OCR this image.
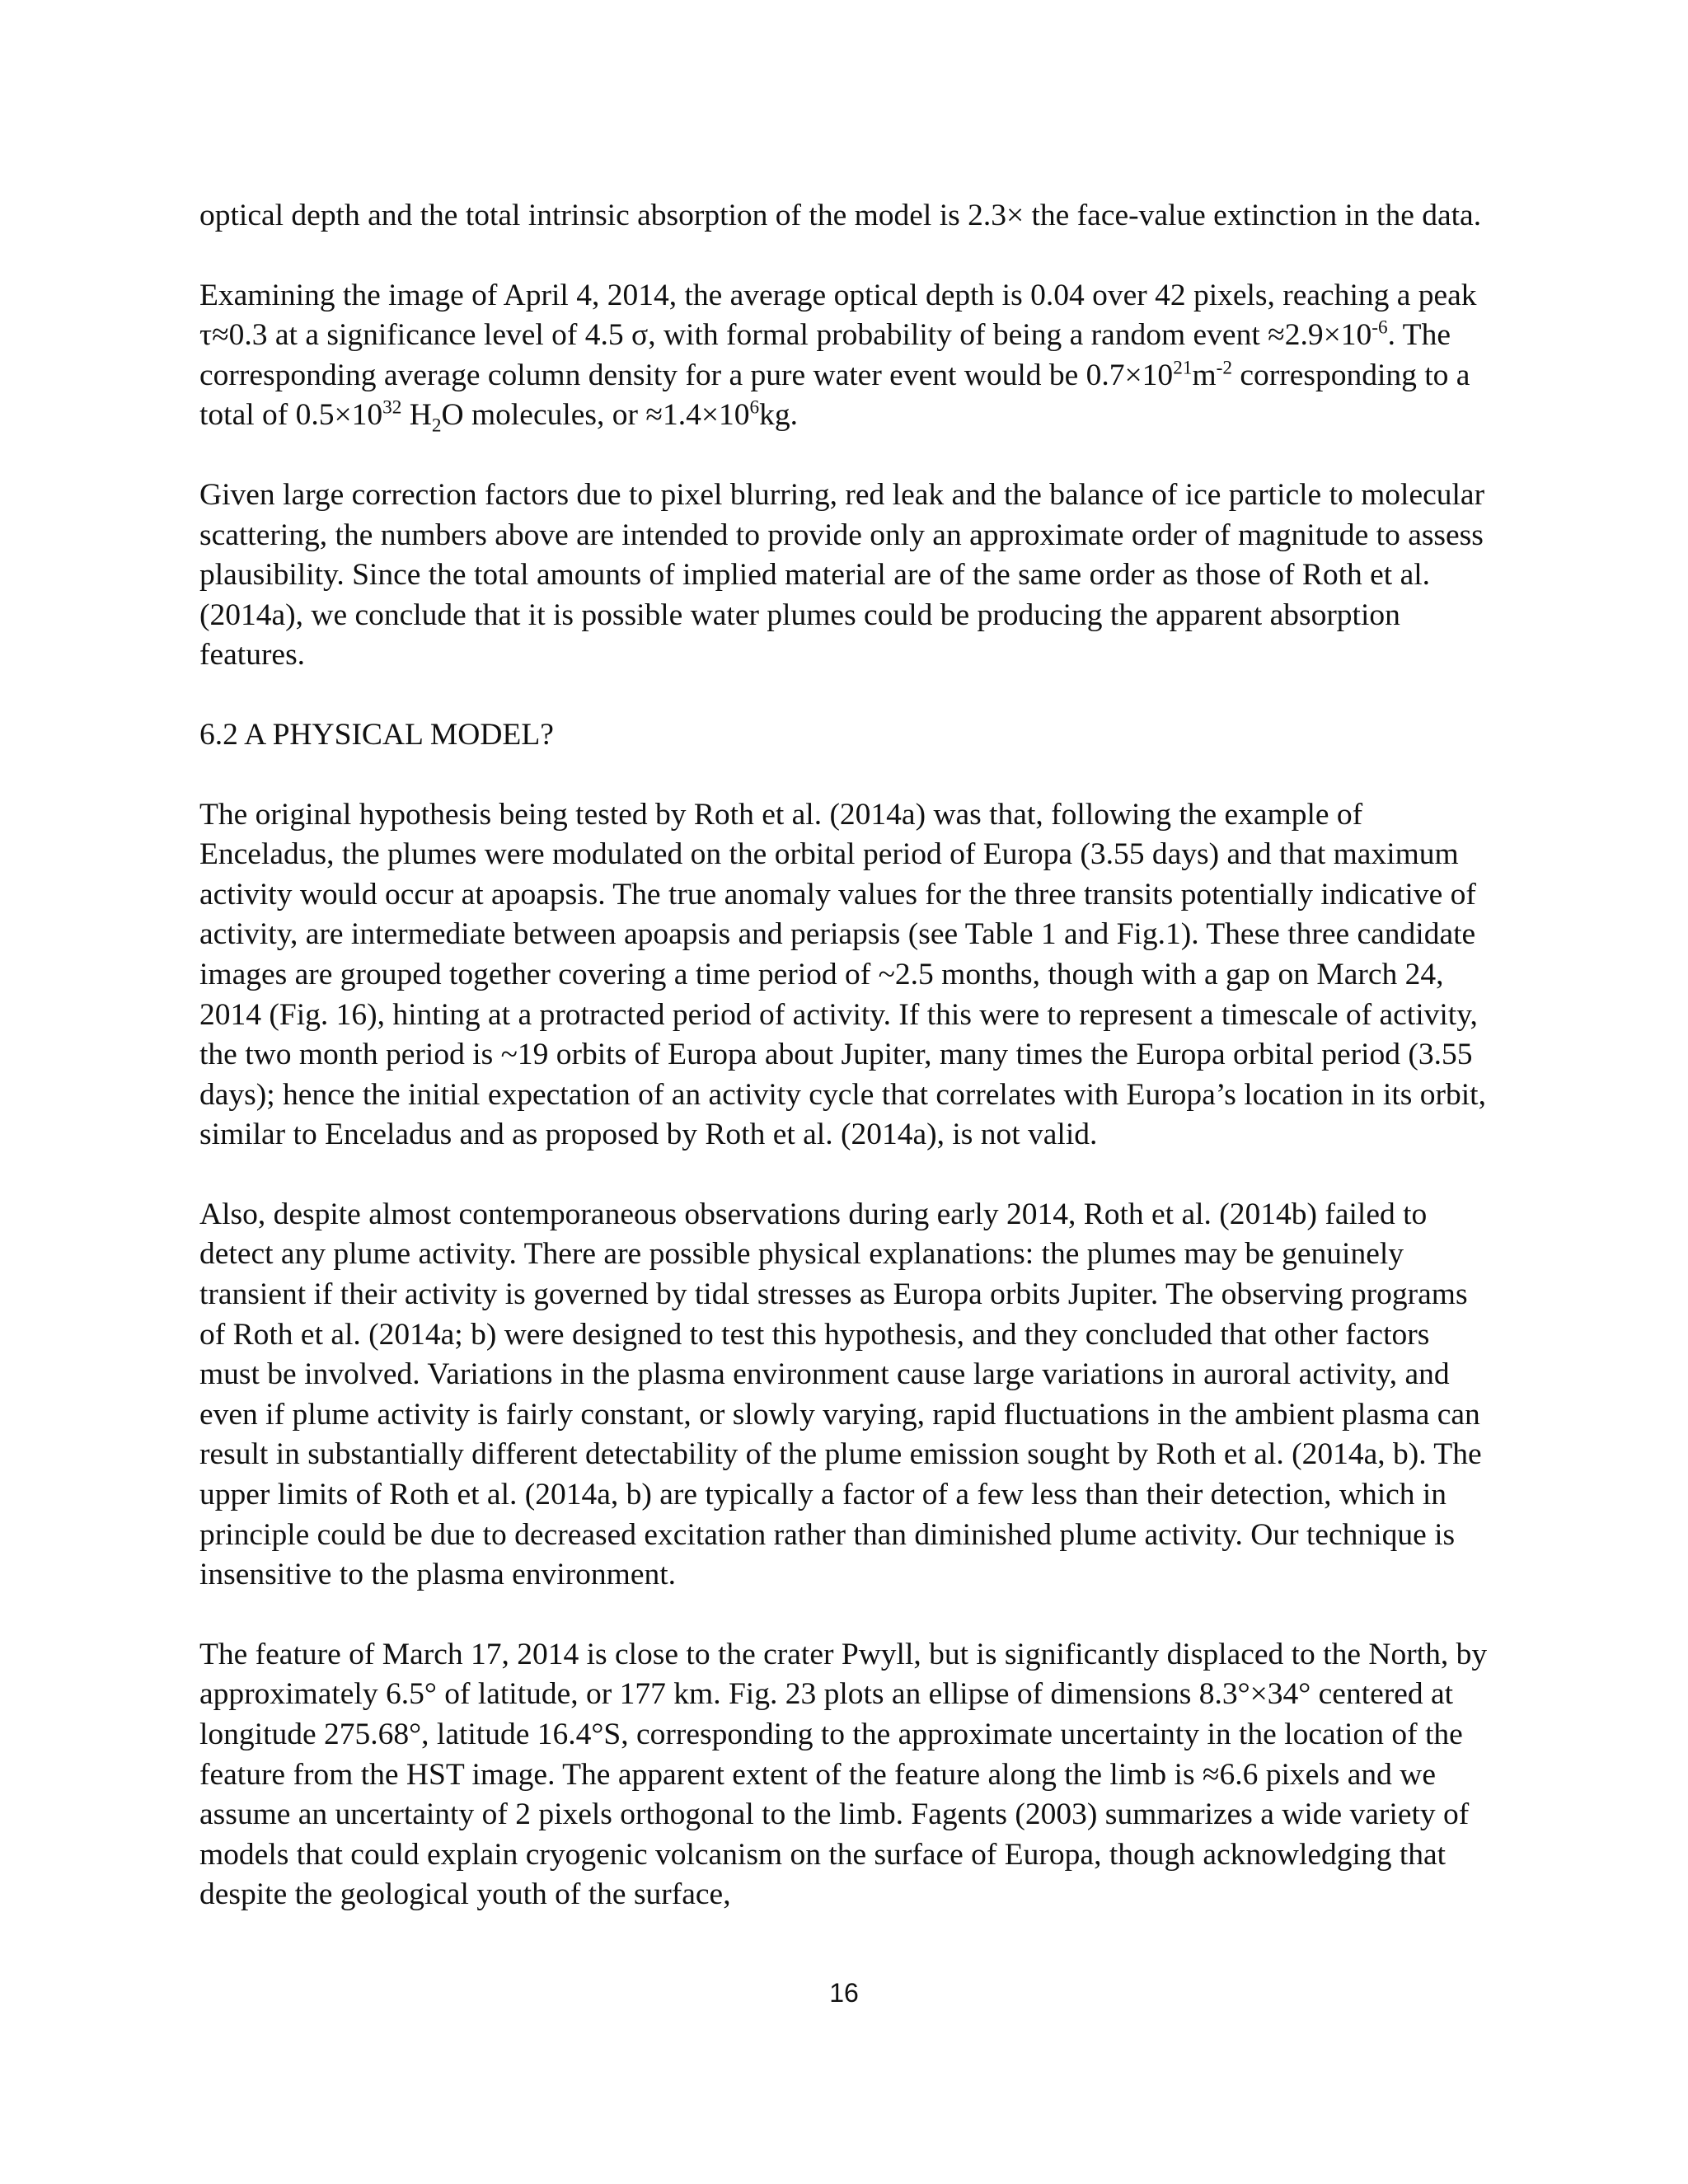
optical depth and the total intrinsic absorption of the model is 2.3× the face-value extinction in the data.

Examining the image of April 4, 2014, the average optical depth is 0.04 over 42 pixels, reaching a peak τ≈0.3 at a significance level of 4.5 σ, with formal probability of being a random event $\approx 2.9\times 10^{-6}$. The corresponding average column density for a pure water event would be $0.7\times 10^{21}m^{-2}$ corresponding to a total of $0.5\times 10^{32}$ $H_2O$ molecules, or $\approx 1.4\times 10^6kg$.

Given large correction factors due to pixel blurring, red leak and the balance of ice particle to molecular scattering, the numbers above are intended to provide only an approximate order of magnitude to assess plausibility. Since the total amounts of implied material are of the same order as those of Roth et al. (2014a), we conclude that it is possible water plumes could be producing the apparent absorption features.

6.2 A PHYSICAL MODEL?

The original hypothesis being tested by Roth et al. (2014a) was that, following the example of Enceladus, the plumes were modulated on the orbital period of Europa (3.55 days) and that maximum activity would occur at apoapsis. The true anomaly values for the three transits potentially indicative of activity, are intermediate between apoapsis and periapsis (see Table 1 and Fig.1). These three candidate images are grouped together covering a time period of ~2.5 months, though with a gap on March 24, 2014 (Fig. 16), hinting at a protracted period of activity. If this were to represent a timescale of activity, the two month period is ~19 orbits of Europa about Jupiter, many times the Europa orbital period (3.55 days); hence the initial expectation of an activity cycle that correlates with Europa’s location in its orbit, similar to Enceladus and as proposed by Roth et al. (2014a), is not valid.

Also, despite almost contemporaneous observations during early 2014, Roth et al. (2014b) failed to detect any plume activity. There are possible physical explanations: the plumes may be genuinely transient if their activity is governed by tidal stresses as Europa orbits Jupiter. The observing programs of Roth et al. (2014a; b) were designed to test this hypothesis, and they concluded that other factors must be involved. Variations in the plasma environment cause large variations in auroral activity, and even if plume activity is fairly constant, or slowly varying, rapid fluctuations in the ambient plasma can result in substantially different detectability of the plume emission sought by Roth et al. (2014a, b). The upper limits of Roth et al. (2014a, b) are typically a factor of a few less than their detection, which in principle could be due to decreased excitation rather than diminished plume activity. Our technique is insensitive to the plasma environment.

The feature of March 17, 2014 is close to the crater Pwyll, but is significantly displaced to the North, by approximately 6.5° of latitude, or 177 km. Fig. 23 plots an ellipse of dimensions 8.3°×34° centered at longitude 275.68°, latitude 16.4°S, corresponding to the approximate uncertainty in the location of the feature from the HST image. The apparent extent of the feature along the limb is ≈6.6 pixels and we assume an uncertainty of 2 pixels orthogonal to the limb. Fagents (2003) summarizes a wide variety of models that could explain cryogenic volcanism on the surface of Europa, though acknowledging that despite the geological youth of the surface,

16
